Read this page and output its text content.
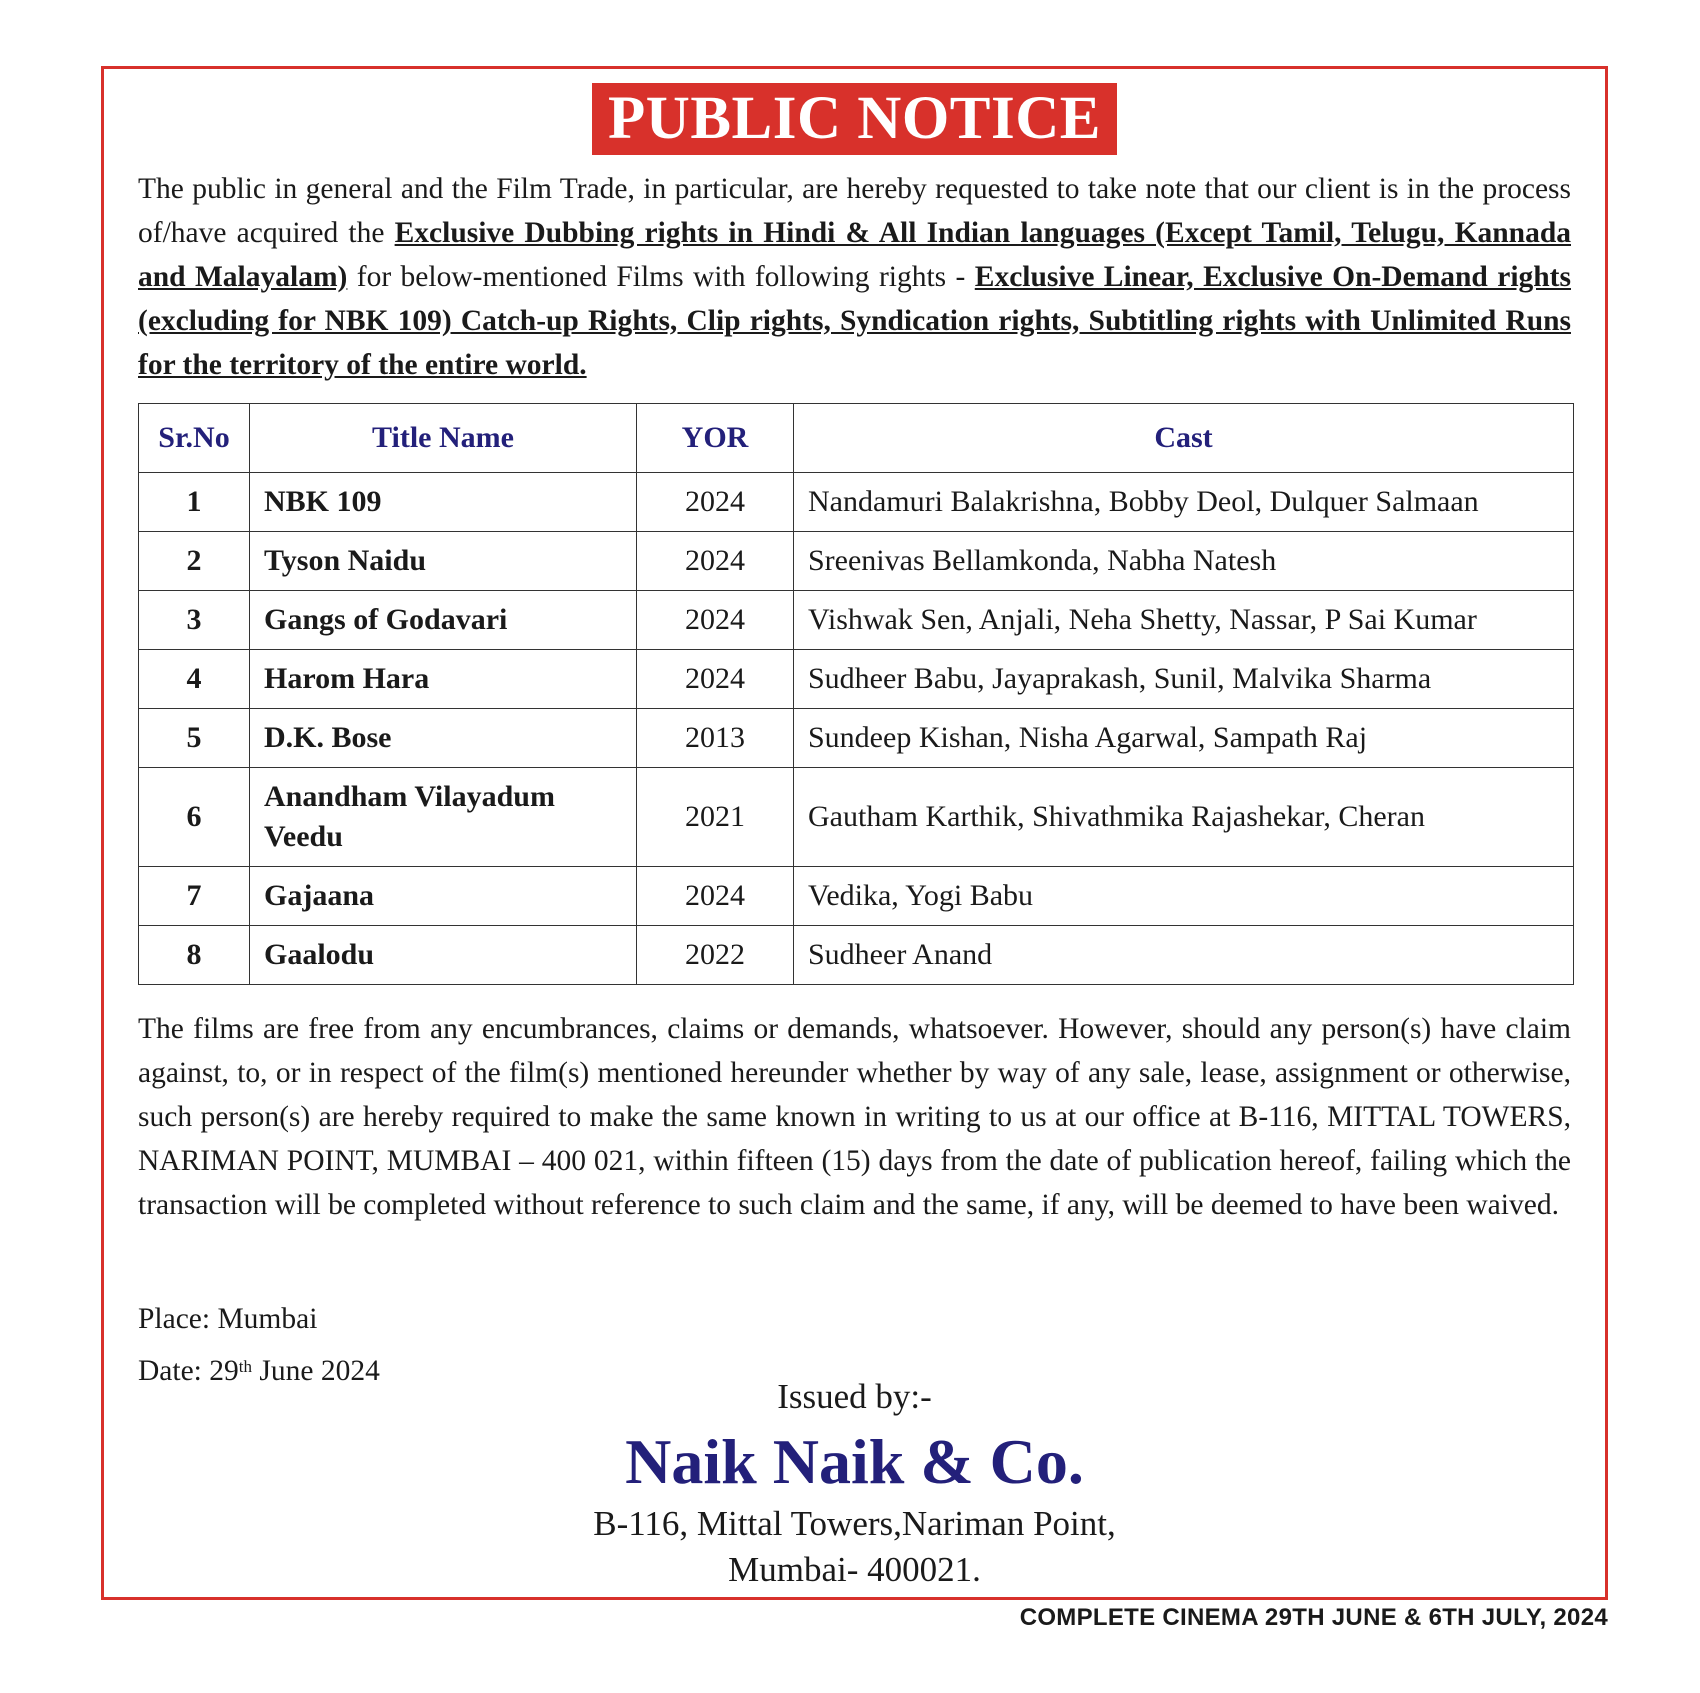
PUBLIC NOTICE
The public in general and the Film Trade, in particular, are hereby requested to take note that our client is in the process of/have acquired the Exclusive Dubbing rights in Hindi & All Indian languages (Except Tamil, Telugu, Kannada and Malayalam) for below-mentioned Films with following rights - Exclusive Linear, Exclusive On-Demand rights (excluding for NBK 109) Catch-up Rights, Clip rights, Syndication rights, Subtitling rights with Unlimited Runs for the territory of the entire world.
Sr.No	Title Name	YOR	Cast
1	NBK 109	2024	Nandamuri Balakrishna, Bobby Deol, Dulquer Salmaan
2	Tyson Naidu	2024	Sreenivas Bellamkonda, Nabha Natesh
3	Gangs of Godavari	2024	Vishwak Sen, Anjali, Neha Shetty, Nassar, P Sai Kumar
4	Harom Hara	2024	Sudheer Babu, Jayaprakash, Sunil, Malvika Sharma
5	D.K. Bose	2013	Sundeep Kishan, Nisha Agarwal, Sampath Raj
6	Anandham Vilayadum Veedu	2021	Gautham Karthik, Shivathmika Rajashekar, Cheran
7	Gajaana	2024	Vedika, Yogi Babu
8	Gaalodu	2022	Sudheer Anand
The films are free from any encumbrances, claims or demands, whatsoever. However, should any person(s) have claim against, to, or in respect of the film(s) mentioned hereunder whether by way of any sale, lease, assignment or otherwise, such person(s) are hereby required to make the same known in writing to us at our office at B-116, MITTAL TOWERS, NARIMAN POINT, MUMBAI – 400 021, within fifteen (15) days from the date of publication hereof, failing which the transaction will be completed without reference to such claim and the same, if any, will be deemed to have been waived.
Place: Mumbai
Date: 29th June 2024
Issued by:-
Naik Naik & Co.
B-116, Mittal Towers,Nariman Point,
Mumbai- 400021.
COMPLETE CINEMA 29TH JUNE & 6TH JULY, 2024
